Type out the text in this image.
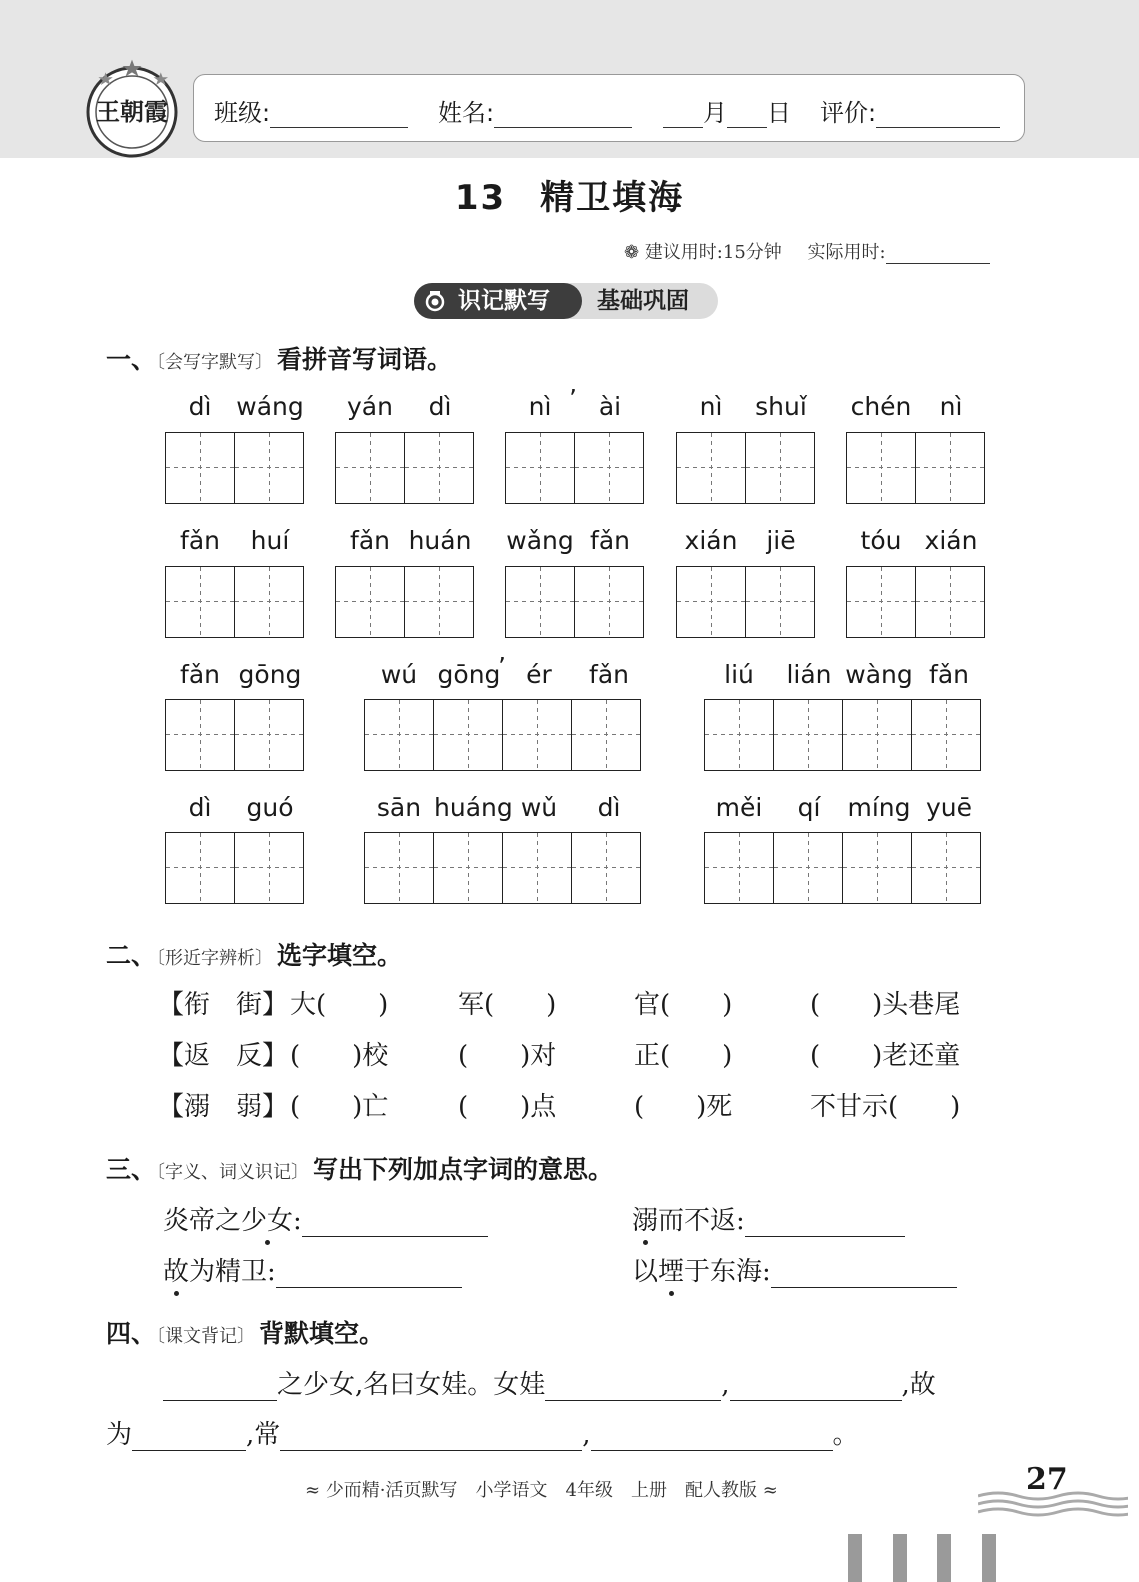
王朝霞 班级:	姓名:	月 日 评价:
13 精卫填海
❁ 建议用时:15分钟 实际用时:
识记默写 基础巩固
一、〔会写字默写〕 看拼音写词语。
dì wáng	yán	dì	nì ’ ài	nì	shuǐ	chén	nì
fǎn	huí	fǎn huán wǎng fǎn	xián	jiē	tóu xián
fǎn gōng	wú gōng
’ ér	fǎn	liú	lián wàng fǎn
dì	guó	sān huáng wǔ	dì	měi	qí	míng yuē
二、〔形近字辨析〕 选字填空。
【衔　街】 大(　　)	军(　　)	官(　　)	(　　)头巷尾
【返　反】 (　　)校	(　　)对	正(　　)	(　　)老还童
【溺　弱】 (　　)亡	(　　)点	(　　)死	不甘示(　　)
三、〔字义、词义识记〕 写出下列加点字词的意思。
炎帝之少女:	溺而不返:
故为精卫:	以堙于东海:
四、〔课文背记〕 背默填空。
之少女,名曰女娃。女娃	,	,故
为	,常	,	。
≈ 少而精·活页默写　小学语文　4年级　上册　配人教版 ≈	27
